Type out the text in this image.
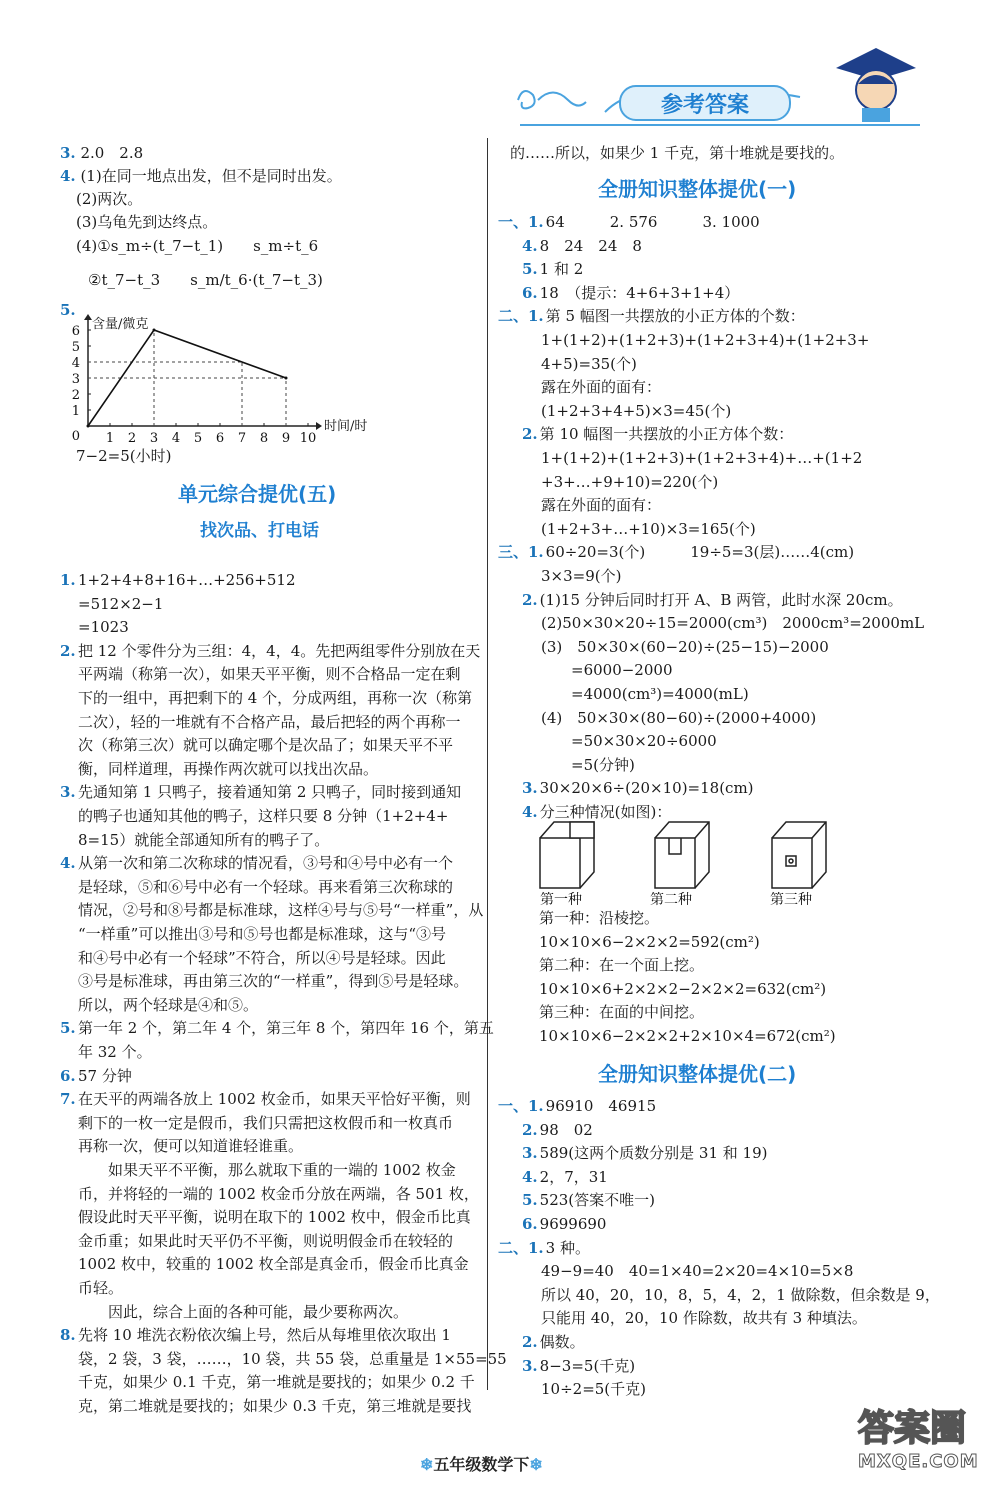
参考答案
3. 2.0　2.8
4. (1)在同一地点出发，但不是同时出发。
(2)两次。
(3)乌龟先到达终点。
(4)①s_m÷(t_7−t_1)　　s_m÷t_6
②t_7−t_3　　s_m/t_6·(t_7−t_3)
5.
1 2 3 4 5 6 7 8 9 10
0
1
2
3
4
5
6 含量/微克
时间/时
7−2=5(小时)
单元综合提优(五)
找次品、打电话
1. 1+2+4+8+16+…+256+512
=512×2−1
=1023
2. 把 12 个零件分为三组：4，4，4。先把两组零件分别放在天
平两端（称第一次），如果天平平衡，则不合格品一定在剩
下的一组中，再把剩下的 4 个，分成两组，再称一次（称第
二次），轻的一堆就有不合格产品，最后把轻的两个再称一
次（称第三次）就可以确定哪个是次品了；如果天平不平
衡，同样道理，再操作两次就可以找出次品。
3. 先通知第 1 只鸭子，接着通知第 2 只鸭子，同时接到通知
的鸭子也通知其他的鸭子，这样只要 8 分钟（1+2+4+
8=15）就能全部通知所有的鸭子了。
4. 从第一次和第二次称球的情况看，③号和④号中必有一个
是轻球，⑤和⑥号中必有一个轻球。再来看第三次称球的
情况，②号和⑧号都是标准球，这样④号与⑤号“一样重”，从
“一样重”可以推出③号和⑤号也都是标准球，这与“③号
和④号中必有一个轻球”不符合，所以④号是轻球。因此
③号是标准球，再由第三次的“一样重”，得到⑤号是轻球。
所以，两个轻球是④和⑤。
5. 第一年 2 个，第二年 4 个，第三年 8 个，第四年 16 个，第五
年 32 个。
6. 57 分钟
7. 在天平的两端各放上 1002 枚金币，如果天平恰好平衡，则
剩下的一枚一定是假币，我们只需把这枚假币和一枚真币
再称一次，便可以知道谁轻谁重。
　　如果天平不平衡，那么就取下重的一端的 1002 枚金
币，并将轻的一端的 1002 枚金币分放在两端，各 501 枚，
假设此时天平平衡，说明在取下的 1002 枚中，假金币比真
金币重；如果此时天平仍不平衡，则说明假金币在较轻的
1002 枚中，较重的 1002 枚全部是真金币，假金币比真金
币轻。
　　因此，综合上面的各种可能，最少要称两次。
8. 先将 10 堆洗衣粉依次编上号，然后从每堆里依次取出 1
袋，2 袋，3 袋，……，10 袋，共 55 袋，总重量是 1×55=55
千克，如果少 0.1 千克，第一堆就是要找的；如果少 0.2 千
克，第二堆就是要找的；如果少 0.3 千克，第三堆就是要找
的……所以，如果少 1 千克，第十堆就是要找的。
全册知识整体提优(一)
一、1. 64　　　2. 576　　　3. 1000
4. 8　24　24　8
5. 1 和 2
6. 18　（提示：4+6+3+1+4）
二、1. 第 5 幅图一共摆放的小正方体的个数：
1+(1+2)+(1+2+3)+(1+2+3+4)+(1+2+3+
4+5)=35(个)
露在外面的面有：
(1+2+3+4+5)×3=45(个)
2. 第 10 幅图一共摆放的小正方体个数：
1+(1+2)+(1+2+3)+(1+2+3+4)+…+(1+2
+3+…+9+10)=220(个)
露在外面的面有：
(1+2+3+…+10)×3=165(个)
三、1. 60÷20=3(个)　　　19÷5=3(层)……4(cm)
3×3=9(个)
2. (1)15 分钟后同时打开 A、B 两管，此时水深 20cm。
(2)50×30×20÷15=2000(cm³)　2000cm³=2000mL
(3)　50×30×(60−20)÷(25−15)−2000
　　=6000−2000
　　=4000(cm³)=4000(mL)
(4)　50×30×(80−60)÷(2000+4000)
　　=50×30×20÷6000
　　=5(分钟)
3. 30×20×6÷(20×10)=18(cm)
4. 分三种情况(如图)：
第一种	第二种	第三种
第一种：沿棱挖。
10×10×6−2×2×2=592(cm²)
第二种：在一个面上挖。
10×10×6+2×2×2−2×2×2=632(cm²)
第三种：在面的中间挖。
10×10×6−2×2×2+2×10×4=672(cm²)
全册知识整体提优(二)
一、1. 96910　46915
2. 98　02
3. 589(这两个质数分别是 31 和 19)
4. 2，7，31
5. 523(答案不唯一)
6. 9699690
二、1. 3 种。
49−9=40　40=1×40=2×20=4×10=5×8
所以 40，20，10，8，5，4，2，1 做除数，但余数是 9，
只能用 40，20，10 作除数，故共有 3 种填法。
2. 偶数。
3. 8−3=5(千克)
10÷2=5(千克)
❄五年级数学下❄
答案圈
MXQE.COM
